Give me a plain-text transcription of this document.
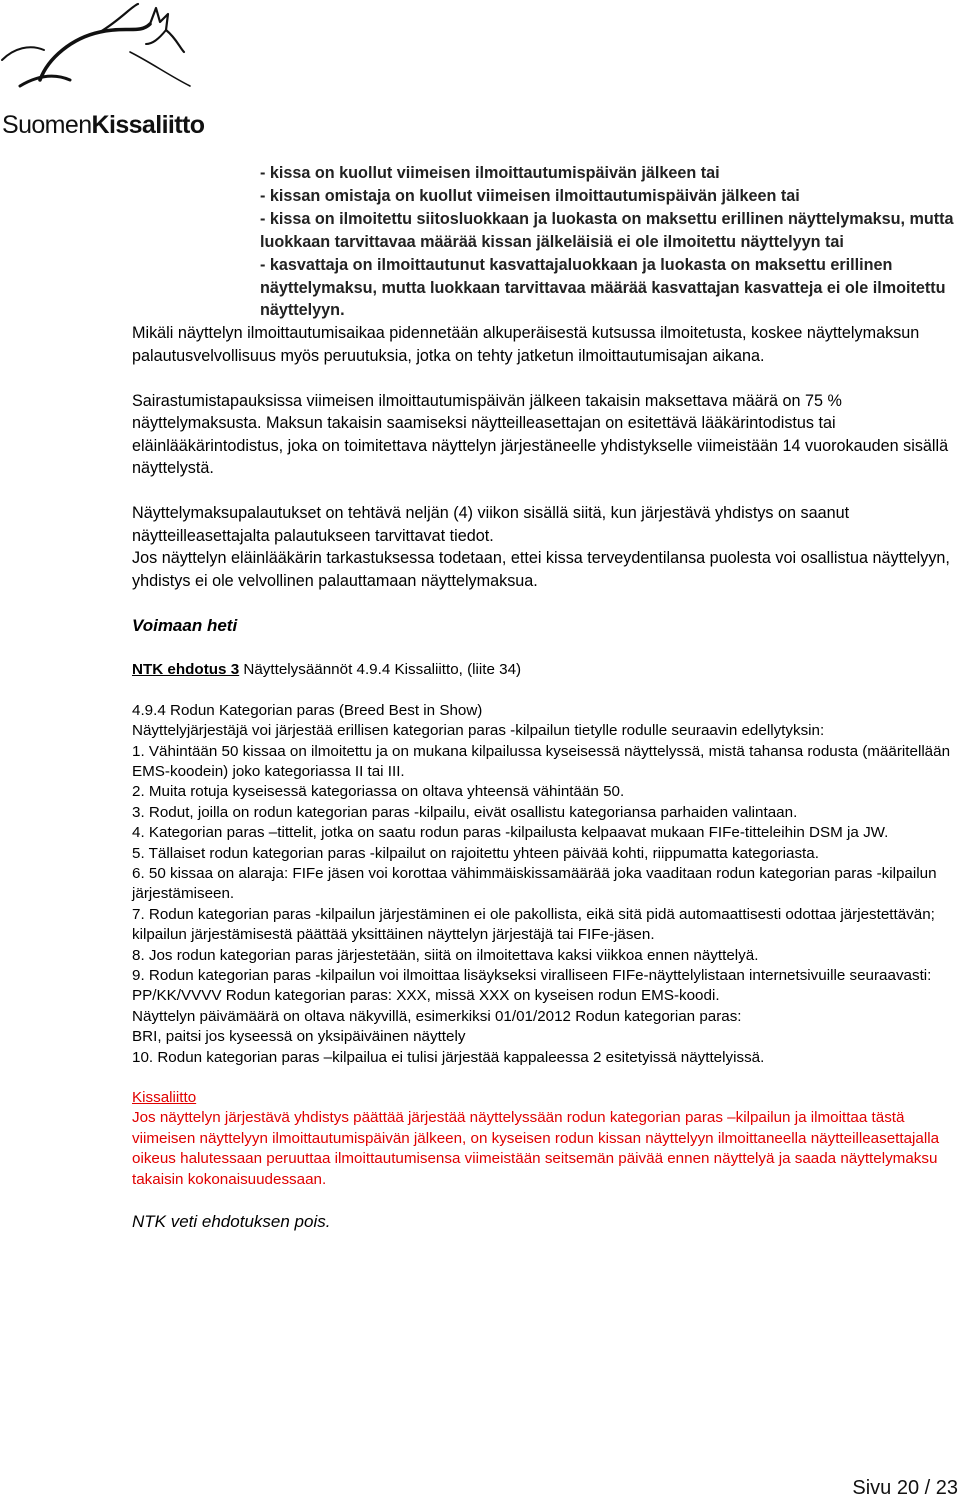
SuomenKissaliitto
- kissa on kuollut viimeisen ilmoittautumispäivän jälkeen tai
- kissan omistaja on kuollut viimeisen ilmoittautumispäivän jälkeen tai
- kissa on ilmoitettu siitosluokkaan ja luokasta on maksettu erillinen näyttelymaksu, mutta luokkaan tarvittavaa määrää kissan jälkeläisiä ei ole ilmoitettu näyttelyyn tai
- kasvattaja on ilmoittautunut kasvattajaluokkaan ja luokasta on maksettu erillinen näyttelymaksu, mutta luokkaan tarvittavaa määrää kasvattajan kasvatteja ei ole ilmoitettu näyttelyyn.

Mikäli näyttelyn ilmoittautumisaikaa pidennetään alkuperäisestä kutsussa ilmoitetusta, koskee näyttelymaksun palautusvelvollisuus myös peruutuksia, jotka on tehty jatketun ilmoittautumisajan aikana.

Sairastumistapauksissa viimeisen ilmoittautumispäivän jälkeen takaisin maksettava määrä on 75 % näyttelymaksusta. Maksun takaisin saamiseksi näytteilleasettajan on esitettävä lääkärintodistus tai

eläinlääkärintodistus, joka on toimitettava näyttelyn järjestäneelle yhdistykselle viimeistään 14 vuorokauden sisällä näyttelystä.

Näyttelymaksupalautukset on tehtävä neljän (4) viikon sisällä siitä, kun järjestävä yhdistys on saanut näytteilleasettajalta palautukseen tarvittavat tiedot.

Jos näyttelyn eläinlääkärin tarkastuksessa todetaan, ettei kissa terveydentilansa puolesta voi osallistua näyttelyyn, yhdistys ei ole velvollinen palauttamaan näyttelymaksua.

Voimaan heti

NTK ehdotus 3 Näyttelysäännöt 4.9.4 Kissaliitto, (liite 34)

4.9.4 Rodun Kategorian paras (Breed Best in Show)

Näyttelyjärjestäjä voi järjestää erillisen kategorian paras -kilpailun tietylle rodulle seuraavin edellytyksin:

1. Vähintään 50 kissaa on ilmoitettu ja on mukana kilpailussa kyseisessä näyttelyssä, mistä tahansa rodusta (määritellään EMS-koodein) joko kategoriassa II tai III.

2. Muita rotuja kyseisessä kategoriassa on oltava yhteensä vähintään 50.

3. Rodut, joilla on rodun kategorian paras -kilpailu, eivät osallistu kategoriansa parhaiden valintaan.

4. Kategorian paras –tittelit, jotka on saatu rodun paras -kilpailusta kelpaavat mukaan FIFe-titteleihin DSM ja JW.

5. Tällaiset rodun kategorian paras -kilpailut on rajoitettu yhteen päivää kohti, riippumatta kategoriasta.

6. 50 kissaa on alaraja: FIFe jäsen voi korottaa vähimmäiskissamäärää joka vaaditaan rodun kategorian paras -kilpailun järjestämiseen.

7. Rodun kategorian paras -kilpailun järjestäminen ei ole pakollista, eikä sitä pidä automaattisesti odottaa järjestettävän; kilpailun järjestämisestä päättää yksittäinen näyttelyn järjestäjä tai FIFe-jäsen.

8. Jos rodun kategorian paras järjestetään, siitä on ilmoitettava kaksi viikkoa ennen näyttelyä.

9. Rodun kategorian paras -kilpailun voi ilmoittaa lisäykseksi viralliseen FIFe-näyttelylistaan internetsivuille seuraavasti: PP/KK/VVVV Rodun kategorian paras: XXX, missä XXX on kyseisen rodun EMS-koodi.

Näyttelyn päivämäärä on oltava näkyvillä, esimerkiksi 01/01/2012 Rodun kategorian paras:

BRI, paitsi jos kyseessä on yksipäiväinen näyttely

10. Rodun kategorian paras –kilpailua ei tulisi järjestää kappaleessa 2 esitetyissä näyttelyissä.

Kissaliitto

Jos näyttelyn järjestävä yhdistys päättää järjestää näyttelyssään rodun kategorian paras –kilpailun ja ilmoittaa tästä viimeisen näyttelyyn ilmoittautumispäivän jälkeen, on kyseisen rodun kissan näyttelyyn ilmoittaneella näytteilleasettajalla oikeus halutessaan peruuttaa ilmoittautumisensa viimeistään seitsemän päivää ennen näyttelyä ja saada näyttelymaksu takaisin kokonaisuudessaan.

NTK veti ehdotuksen pois.

Sivu 20 / 23
